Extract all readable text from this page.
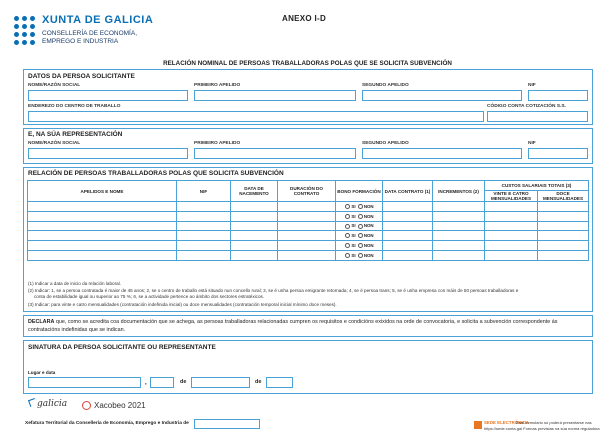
XUNTA DE GALICIA
CONSELLERÍA DE ECONOMÍA,
EMPREGO E INDUSTRIA
ANEXO I-D
RELACIÓN NOMINAL DE PERSOAS TRABALLADORAS POLAS QUE SE SOLICITA SUBVENCIÓN
DATOS DA PERSOA SOLICITANTE
NOME/RAZÓN SOCIAL	PRIMEIRO APELIDO	SEGUNDO APELIDO	NIF
ENDEREZO DO CENTRO DE TRABALLO	CÓDIGO CONTA COTIZACIÓN S.S.
E, NA SÚA REPRESENTACIÓN
NOME/RAZÓN SOCIAL	PRIMEIRO APELIDO	SEGUNDO APELIDO	NIF
RELACIÓN DE PERSOAS TRABALLADORAS POLAS QUE SOLICITA SUBVENCIÓN
APELIDOS E NOME	NIF	DATA DE NACEMENTO	DURACIÓN DO CONTRATO	BONO FORMACIÓN	DATA CONTRATO (1)	INCREMENTOS (2)	CUSTOS SALARIAIS TOTAIS (3)	
							VINTE E CATRO MENSUALIDADES	DOCE MENSUALIDADES
				SI NON				
				SI NON				
				SI NON				
				SI NON				
				SI NON				
				SI NON				
(1) Indicar a data de inicio da relación laboral.
(2) Indicar: 1, se a persoa contratada é maior de 45 anos; 2, se o centro de traballo está situado nun concello rural; 3, se é unha persoa emigrante retornada; 4, se é persoa trans; 5, se é unha empresa con máis de 50 persoas traballadoras e
conta de estabilidade igual ou superior ao 75 %; 6, se a actividade pertence ao ámbito dos sectores estratéxicos.
(3) Indicar: para vinte e catro mensualidades (contratación indefinida inicial) ou doce mensualidades (contratación temporal inicial mínimo doce meses).
DECLARA que, como se acredita coa documentación que se achega, as persoas traballadoras relacionadas cumpren os requisitos e condicións exixidos na orde de convocatoria, e solicita a subvención correspondente ás contratacións indefinidas que se indican.
SINATURA DA PERSOA SOLICITANTE OU REPRESENTANTE
Lugar e data
,	de	de
galicia	Xacobeo 2021
Xefatura Territorial da Consellería de Economía, Emprego e Industria de	SEDE ELECTRÓNICA
Este formulario só poderá presentarse nas
https://sede.xunta.gal Formas previstas na súa norma reguladora
